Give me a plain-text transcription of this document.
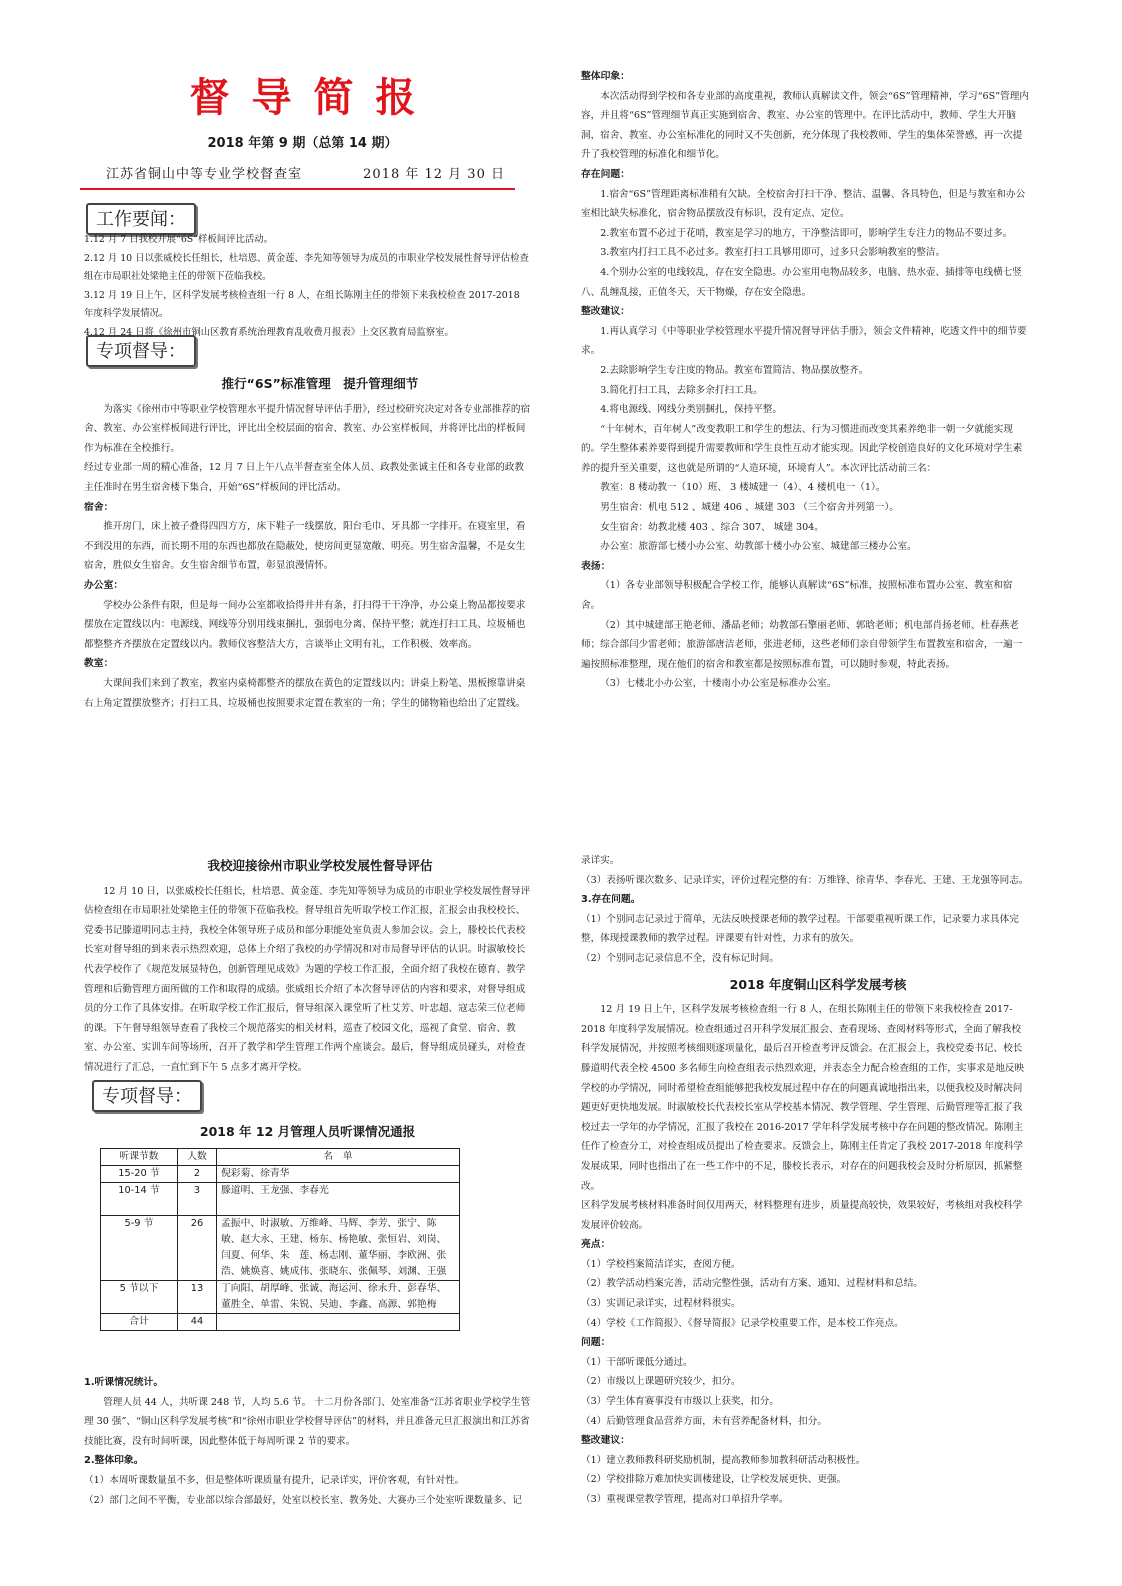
督导简报
2018 年第 9 期（总第 14 期）
江苏省铜山中等专业学校督查室	2018 年 12 月 30 日
工作要闻：
1.12 月 7 日我校开展“6S”样板间评比活动。
2.12 月 10 日以张威校长任组长，杜培恩、黄金莲、李先知等领导为成员的市职业学校发展性督导评估检查组在市局职社处梁艳主任的带领下莅临我校。
3.12 月 19 日上午，区科学发展考核检查组一行 8 人，在组长陈刚主任的带领下来我校检查 2017-2018 年度科学发展情况。
4.12 月 24 日将《徐州市铜山区教育系统治理教育乱收费月报表》上交区教育局监察室。
专项督导：

推行“6S”标准管理　提升管理细节

为落实《徐州市中等职业学校管理水平提升情况督导评估手册》，经过校研究决定对各专业部推荐的宿舍、教室、办公室样板间进行评比，评比出全校层面的宿舍、教室、办公室样板间，并将评比出的样板间作为标准在全校推行。

经过专业部一周的精心准备，12 月 7 日上午八点半督查室全体人员、政教处张诚主任和各专业部的政教主任准时在男生宿舍楼下集合，开始“6S”样板间的评比活动。

宿舍：

推开房门，床上被子叠得四四方方，床下鞋子一线摆放，阳台毛巾、牙具都一字排开。在寝室里，看不到没用的东西，而长期不用的东西也都放在隐蔽处，使房间更显宽敞、明亮。男生宿舍温馨，不是女生宿舍，胜似女生宿舍。女生宿舍细节布置，彰显浪漫情怀。

办公室：

学校办公条件有限，但是每一间办公室都收拾得井井有条，打扫得干干净净，办公桌上物品都按要求摆放在定置线以内：电源线、网线等分别用线束捆扎，强弱电分离、保持平整；就连打扫工具、垃圾桶也都整整齐齐摆放在定置线以内。教师仪容整洁大方，言谈举止文明有礼，工作积极、效率高。

教室：

大课间我们来到了教室，教室内桌椅都整齐的摆放在黄色的定置线以内；讲桌上粉笔、黑板擦靠讲桌右上角定置摆放整齐；打扫工具、垃圾桶也按照要求定置在教室的一角；学生的储物箱也给出了定置线。

整体印象：

本次活动得到学校和各专业部的高度重视，教师认真解读文件，领会“6S”管理精神，学习“6S”管理内容，并且将“6S”管理细节真正实施到宿舍、教室、办公室的管理中。在评比活动中，教师、学生大开脑洞，宿舍、教室、办公室标准化的同时又不失创新，充分体现了我校教师、学生的集体荣誉感，再一次提升了我校管理的标准化和细节化。

存在问题：

1.宿舍“6S”管理距离标准稍有欠缺。全校宿舍打扫干净、整洁、温馨、各具特色，但是与教室和办公室相比缺失标准化，宿舍物品摆放没有标识，没有定点、定位。

2.教室布置不必过于花哨，教室是学习的地方，干净整洁即可，影响学生专注力的物品不要过多。

3.教室内打扫工具不必过多。教室打扫工具够用即可，过多只会影响教室的整洁。

4.个别办公室的电线较乱，存在安全隐患。办公室用电物品较多，电脑、热水壶、插排等电线横七竖八、乱缠乱接，正值冬天，天干物燥，存在安全隐患。

整改建议：

1.再认真学习《中等职业学校管理水平提升情况督导评估手册》，领会文件精神，吃透文件中的细节要求。

2.去除影响学生专注度的物品。教室布置简洁、物品摆放整齐。

3.简化打扫工具，去除多余打扫工具。

4.将电源线、网线分类别捆扎，保持平整。

“十年树木，百年树人”改变教职工和学生的想法、行为习惯进而改变其素养绝非一朝一夕就能实现的。学生整体素养要得到提升需要教师和学生良性互动才能实现。因此学校创造良好的文化环境对学生素养的提升至关重要，这也就是所谓的“人造环境，环境育人”。本次评比活动前三名：

教室：8 楼动教一（10）班、 3 楼城建一（4）、4 楼机电一（1）。

男生宿舍：机电 512 、城建 406 、城建 303 （三个宿舍并列第一）。

女生宿舍：幼教北楼 403 、综合 307、 城建 304。

办公室：旅游部七楼小办公室、幼教部十楼小办公室、城建部三楼办公室。

表扬：

（1）各专业部领导积极配合学校工作，能够认真解读“6S”标准，按照标准布置办公室、教室和宿舍。

（2）其中城建部王艳老师、潘晶老师；幼教部石擎丽老师、郭晗老师；机电部肖扬老师、杜春燕老师；综合部闫少雷老师；旅游部唐洁老师，张进老师，这些老师们亲自带领学生布置教室和宿舍，一遍一遍按照标准整理，现在他们的宿舍和教室都是按照标准布置，可以随时参观，特此表扬。

（3）七楼北小办公室，十楼南小办公室是标准办公室。

我校迎接徐州市职业学校发展性督导评估

12 月 10 日，以张威校长任组长，杜培恩、黄金莲、李先知等领导为成员的市职业学校发展性督导评估检查组在市局职社处梁艳主任的带领下莅临我校。督导组首先听取学校工作汇报，汇报会由我校校长、党委书记滕道明同志主持，我校全体领导班子成员和部分职能处室负责人参加会议。会上，滕校长代表校长室对督导组的到来表示热烈欢迎，总体上介绍了我校的办学情况和对市局督导评估的认识。时淑敏校长代表学校作了《规范发展显特色，创新管理见成效》为题的学校工作汇报，全面介绍了我校在德育、教学管理和后勤管理方面所做的工作和取得的成绩。张威组长介绍了本次督导评估的内容和要求，对督导组成员的分工作了具体安排。在听取学校工作汇报后，督导组深入课堂听了杜艾芳、叶忠超、寇志荣三位老师的课。下午督导组领导查看了我校三个规范落实的相关材料，巡查了校园文化，巡视了食堂、宿舍、教室、办公室、实训车间等场所，召开了教学和学生管理工作两个座谈会。最后，督导组成员碰头，对检查情况进行了汇总，一直忙到下午 5 点多才离开学校。

专项督导：

2018 年 12 月管理人员听课情况通报

听课节数	人数	名　单
15-20 节	2	倪彩菊、徐青华
10-14 节	3	滕道明、王龙强、李春光
5-9 节	26	孟振中、时淑敏、万维峰、马辉、李芳、张宁、陈敏、赵大永、王建、杨东、杨艳敏、张恒岩、刘岗、闫夏、何华、朱　莲、杨志刚、董华丽、李欧洲、张浩、姚焕喜、姚成伟、张晓东、张佩琴、刘渊、王强
5 节以下	13	丁向阳、胡厚峰、张诚、海运河、徐永升、彭春华、董胜全、单雷、朱锐、吴迪、李鑫、高源、郭艳梅
合计	44	

1.听课情况统计。

管理人员 44 人，共听课 248 节，人均 5.6 节。 十二月份各部门、处室准备“江苏省职业学校学生管理 30 强”、“铜山区科学发展考核”和“徐州市职业学校督导评估”的材料，并且准备元旦汇报演出和江苏省技能比赛，没有时间听课，因此整体低于每周听课 2 节的要求。

2.整体印象。

（1）本周听课数量虽不多，但是整体听课质量有提升，记录详实，评价客观，有针对性。

（2）部门之间不平衡，专业部以综合部最好，处室以校长室、教务处、大赛办三个处室听课数量多、记

录详实。

（3）表扬听课次数多、记录详实，评价过程完整的有：万维锋、徐青华、李春光、王建、王龙强等同志。

3.存在问题。

（1）个别同志记录过于简单，无法反映授课老师的教学过程。干部要重视听课工作，记录要力求具体完整，体现授课教师的教学过程。评课要有针对性，力求有的放矢。

（2）个别同志记录信息不全，没有标记时间。

2018 年度铜山区科学发展考核

12 月 19 日上午，区科学发展考核检查组一行 8 人，在组长陈刚主任的带领下来我校检查 2017-2018 年度科学发展情况。检查组通过召开科学发展汇报会、查看现场、查阅材料等形式，全面了解我校科学发展情况，并按照考核细则逐项量化，最后召开检查考评反馈会。在汇报会上，我校党委书记、校长滕道明代表全校 4500 多名师生向检查组表示热烈欢迎，并表态全力配合检查组的工作，实事求是地反映学校的办学情况，同时希望检查组能够把我校发展过程中存在的问题真诚地指出来，以便我校及时解决问题更好更快地发展。时淑敏校长代表校长室从学校基本情况、教学管理、学生管理、后勤管理等汇报了我校过去一学年的办学情况，汇报了我校在 2016-2017 学年科学发展考核中存在问题的整改情况。陈刚主任作了检查分工，对检查组成员提出了检查要求。反馈会上，陈刚主任肯定了我校 2017-2018 年度科学发展成果，同时也指出了在一些工作中的不足，滕校长表示，对存在的问题我校会及时分析原因，抓紧整改。

区科学发展考核材料准备时间仅用两天，材料整理有进步，质量提高较快，效果较好，考核组对我校科学发展评价较高。

亮点：

（1）学校档案简洁详实，查阅方便。

（2）教学活动档案完善，活动完整性强，活动有方案、通知、过程材料和总结。

（3）实训记录详实，过程材料很实。

（4）学校《工作简报》、《督导简报》记录学校重要工作，是本校工作亮点。

问题：

（1）干部听课低分通过。

（2）市级以上课题研究较少，扣分。

（3）学生体育赛事没有市级以上获奖，扣分。

（4）后勤管理食品营养方面，未有营养配备材料，扣分。

整改建议：

（1）建立教师教科研奖励机制，提高教师参加教科研活动积极性。

（2）学校排除万难加快实训楼建设，让学校发展更快、更强。

（3）重视课堂教学管理，提高对口单招升学率。
